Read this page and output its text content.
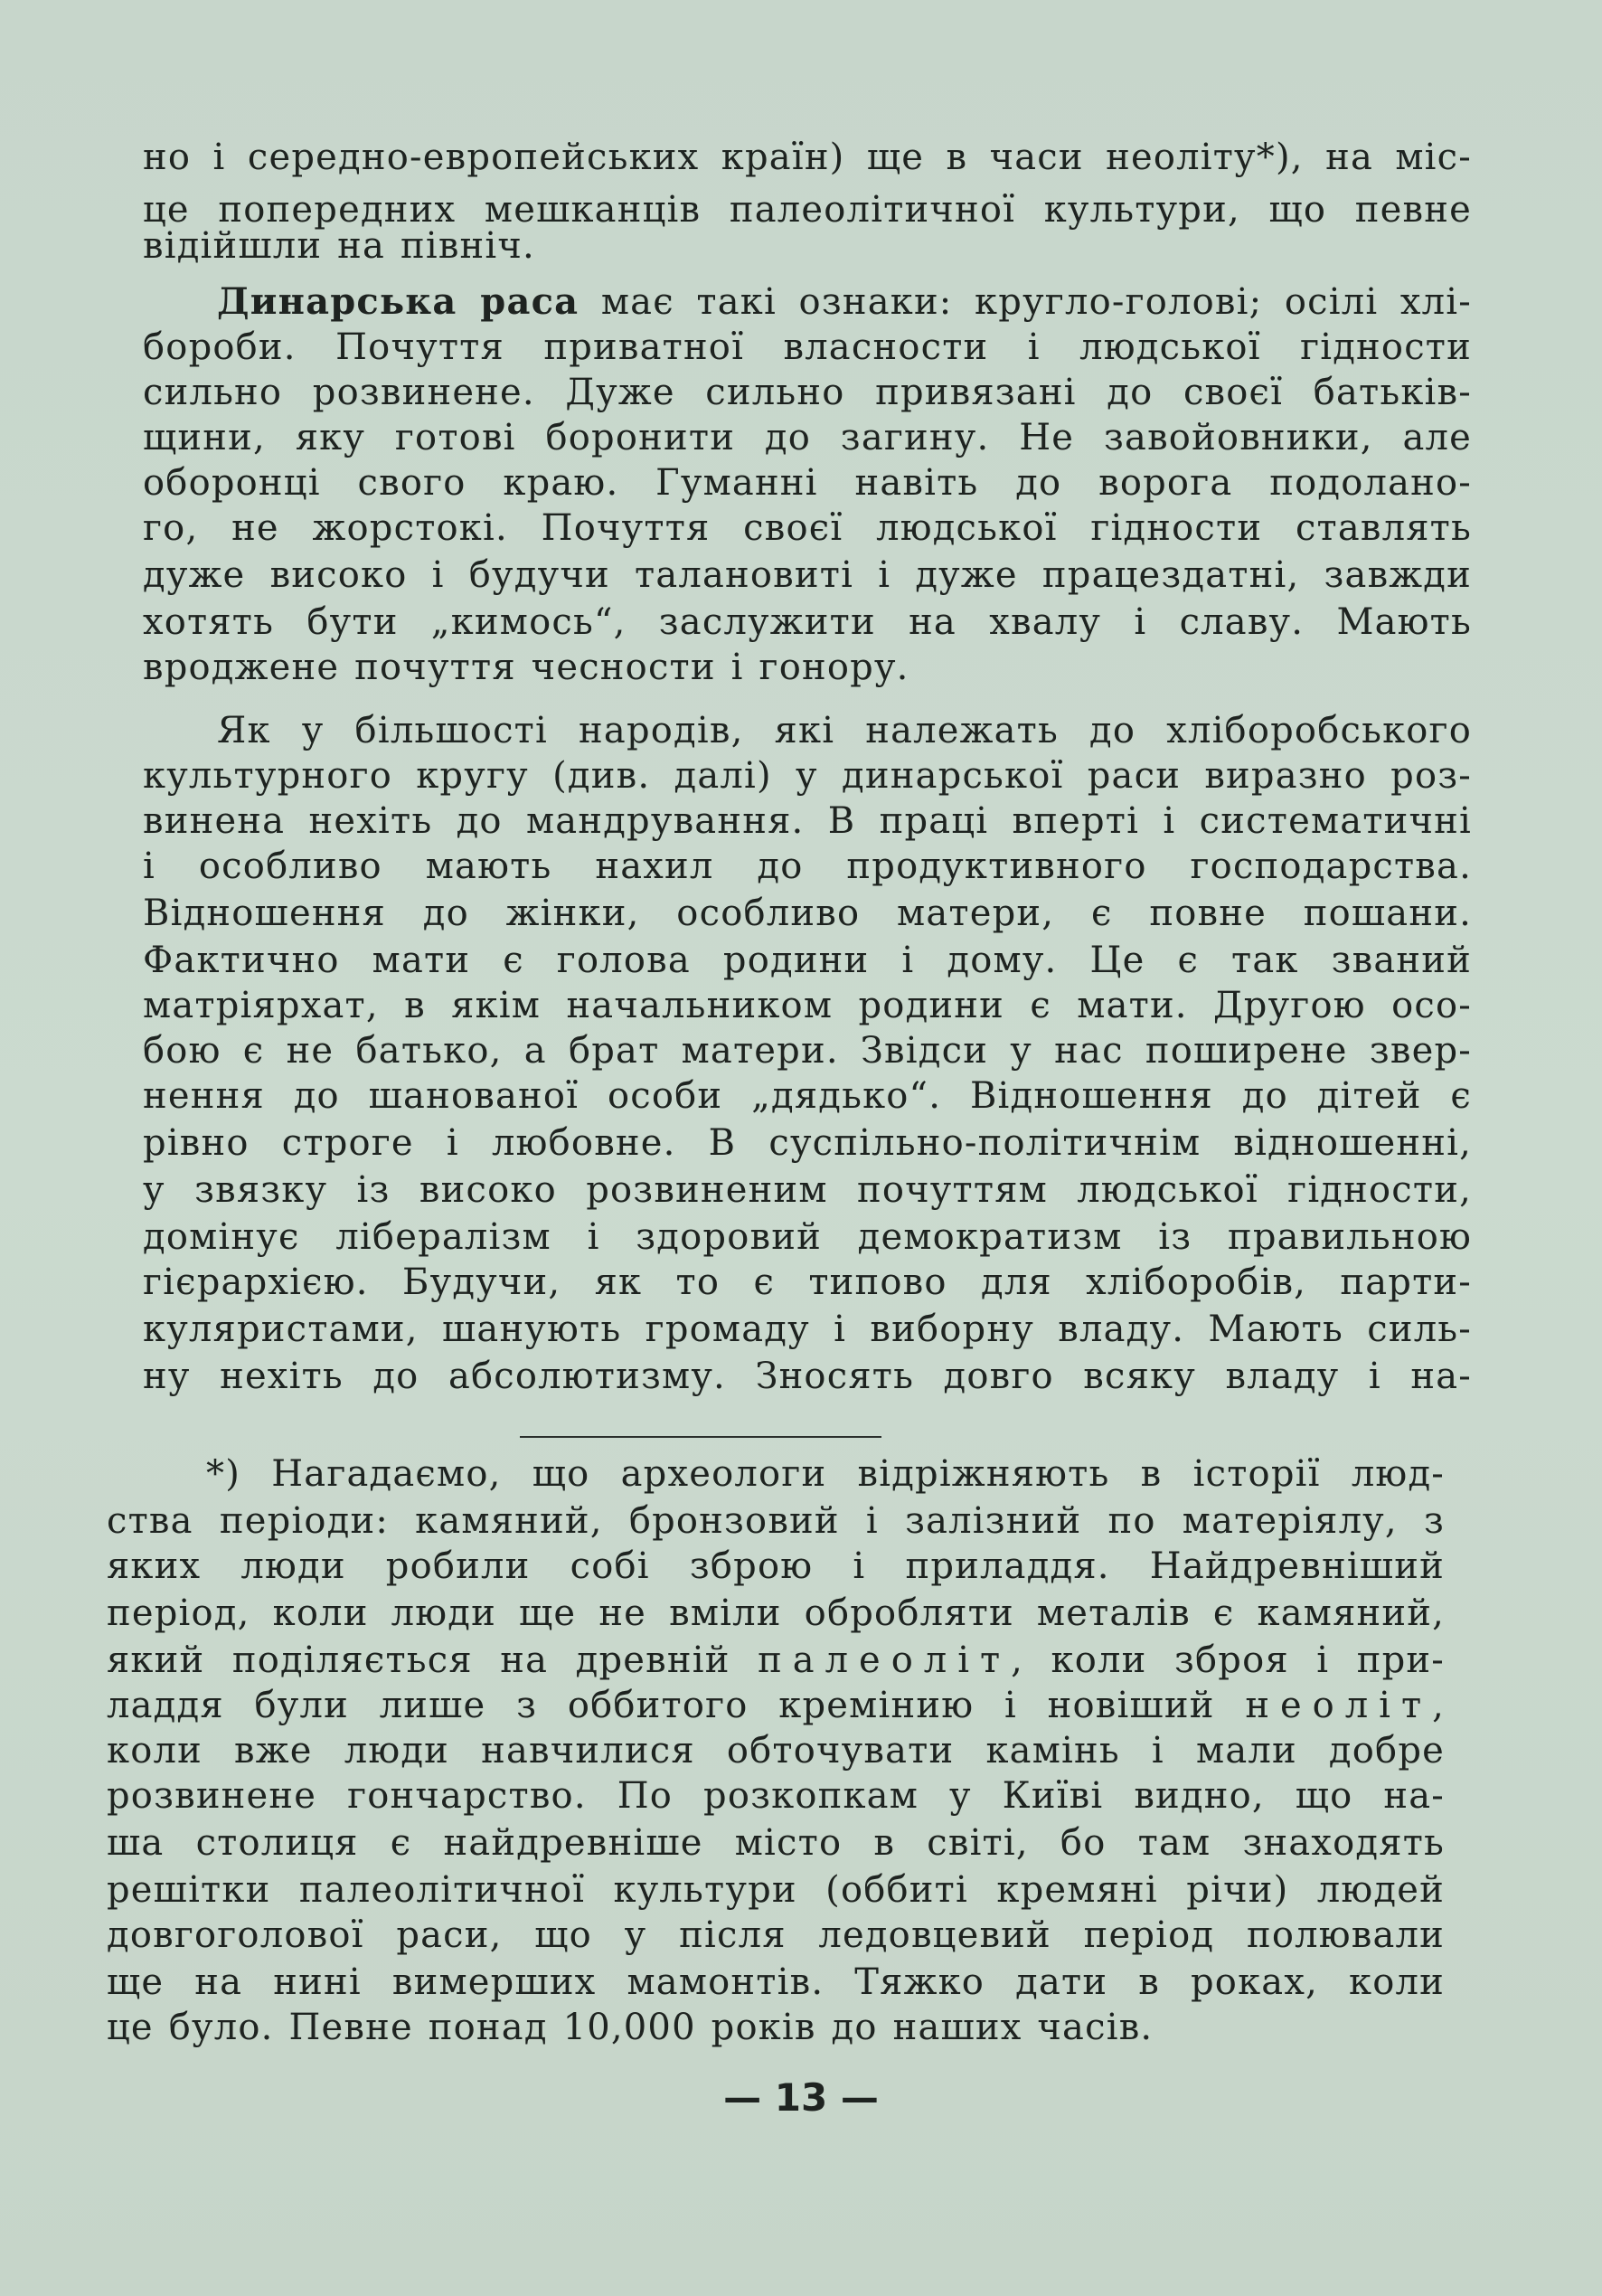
но і середно-европейських країн) ще в часи неоліту*), на міс-
це попередних мешканців палеолітичної культури, що певне
відійшли на північ.
Динарська раса має такі ознаки: кругло-голові; осілі хлі-
бороби. Почуття приватної власности і людської гідности
сильно розвинене. Дуже сильно привязані до своєї батьків-
щини, яку готові боронити до загину. Не завойовники, але
оборонці свого краю. Гуманні навіть до ворога подолано-
го, не жорстокі. Почуття своєї людської гідности ставлять
дуже високо і будучи талановиті і дуже працездатні, завжди
хотять бути „кимось“, заслужити на хвалу і славу. Мають
вроджене почуття чесности і гонору.
Як у більшості народів, які належать до хліборобського
культурного кругу (див. далі) у динарської раси виразно роз-
винена нехіть до мандрування. В праці вперті і систематичні
і особливо мають нахил до продуктивного господарства.
Відношення до жінки, особливо матери, є повне пошани.
Фактично мати є голова родини і дому. Це є так званий
матріярхат, в якім начальником родини є мати. Другою осо-
бою є не батько, а брат матери. Звідси у нас поширене звер-
нення до шанованої особи „дядько“. Відношення до дітей є
рівно строге і любовне. В суспільно-політичнім відношенні,
у звязку із високо розвиненим почуттям людської гідности,
домінує лібералізм і здоровий демократизм із правильною
гієрархією. Будучи, як то є типово для хліборобів, парти-
куляристами, шанують громаду і виборну владу. Мають силь-
ну нехіть до абсолютизму. Зносять довго всяку владу і на-
*) Нагадаємо, що археологи відріжняють в історії люд-
ства періоди: камяний, бронзовий і залізний по матеріялу, з
яких люди робили собі зброю і приладдя. Найдревніший
період, коли люди ще не вміли обробляти металів є камяний,
який поділяється на древній палеоліт, коли зброя і при-
ладдя були лише з оббитого кремінию і новіший неоліт,
коли вже люди навчилися обточувати камінь і мали добре
розвинене гончарство. По розкопкам у Київі видно, що на-
ша столиця є найдревніше місто в світі, бо там знаходять
решітки палеолітичної культури (оббиті кремяні річи) людей
довгоголової раси, що у після ледовцевий період полювали
ще на нині вимерших мамонтів. Тяжко дати в роках, коли
це було. Певне понад 10,000 років до наших часів.
— 13 —
